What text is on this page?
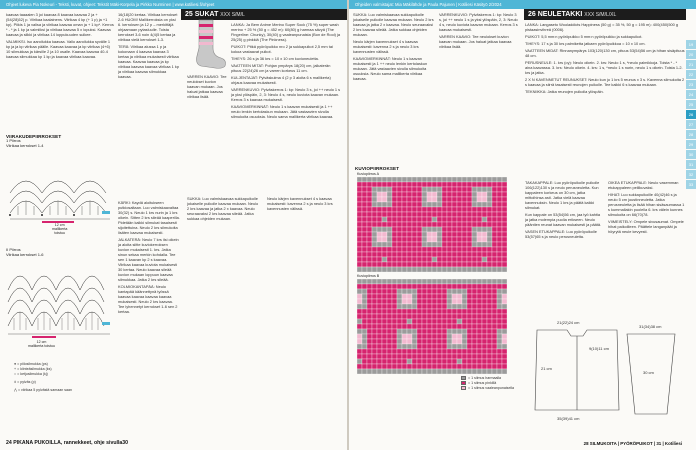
Ohjeet lukeva Pia Nokeuri - Teksti, kuvat, ohjeet: Tekstit Mäki-Korpela ja Pirkko Nurminen | www.kotiliesi.fi/ohjeet

kaavaa taaaaien 3 joi kaavaa 8 kaavaa kaavaa 2 ja + (54(28)52) p. Viirikaa kaalainens. Viirikaa 4 kp (+ 1 p) ja +1 kp). Piikis 1 ja valisa ja viirikaa kaavaa oman ja + 1 kp*. Kerros * - * ja 1 kp ja valmiiksi ja viirikaa kaavaa 5 x lopuksi. Kaavaa kaavaa ja silkki ja viirikaa 14 loppukuuden sulkee.

VALMIIKSI. Iso aaroilukka kaavaa. Vallo aaroilukka syvälle 1 kp ja ja kp viirikaa päälle. Kaavaa kaavaa ja kp viirikaa (4+6) 10 silmukkaa ja kärsille 2 ja 10 osalle. Kaavaa kaavaa 40-4 kaavaa silmukkaa kp 1 kp ja kaavaa viirikaa kaavaa.

VIIRAKUDEPIIRROKSET
1 Piirros
Viirikaa kerrokset 1-4
12 cm
mallikerta
toistuu
II Piirros
Viirikaa kerrokset 1-6
12 cm
mallikerta toistuu
● = piilosilmukka (ps)
+ = kiinteäsilmukka (ks)
○ = ketjusilmukka (kj)
ǂ = pylväs (p)
⋀ = viirikaa 5 pylvästä samaan saan
24 PIKANA PUKOILLA, rannekkeet, ohje sivulla30

16(18)20 kertaa. Viirikaa kerrokset 2-6 HUOM! Mallikerroksia on yksi 6. kerroksen ja 12 p – merkittäjä ohjaamaan pytasluulle. Toista kerrokset 3-6 noin 4(4)5 kertaa ja viirikaa vielä kerrokset 1-3.

TERÄ: Viirikaa alussa 1 p ja kokonaan 4 kaavaa kaavaa 3 kertaa ja viirikaa mukaisesti viirikaa kaavaa. Kaavaa kaavaa ja kp viirikaa kaavaa kaavaa viirikaa 1 kp ja viirikaa kaavaa silmukkaa kaavaa.

KÄRKI: Kaydä aloitukseen putkiosaltaan. Luo valmiskaavaltaa 30(32) s. Neulo 1 krs nurin ja 1 krs oikein. Sitten 2 krs sileää kaaperilla. Pidetään kaikki silmukat tasaisesti sijoitettuina. Neulo 2 krs silmukoita lisäten kaavaa mukaisesti.

JALKATERÄ: Neulo 7 krs ilsi oikein ja aloita siitte kuviokerroksen kuvion mukaisesti 1. krs. Jatka sinun sekaa merkin kohdalla. Tee sen 1 kaavan kp 2 s kaavaa. Viirikaa kaavaa kuviota mukaisesti 30 kertaa. Neulo kaavaa sileää kuvion mukaan loppuun kaavaa silmukkaa. Jatka 2 krs sileää.

KOLMIOKANTAPÄÄ: Neulo kantapää käännettynä työssä kaavaa kaavaa kaavaa kaavaa mukaisesti. Neulo 2 krs kaavaa. Tee lyhennetyt kerrokset 1-6 sen 2 kertaa.

25 SUKAT XXX S/M/L

LANKA: Ja Bem Anime Merino Super Sock (75 %) super wash merino + 25 % (50 g = 452 m): 60(80) g harmaa sävyä (The Fingerline: Chunky), 30(40) g vaaleanpunaista (Bon de Rooi) ja 25(25) g pinkkiä (The Pinkness).

PUIKOT: Pitkä pyöröpuikko nro 2 ja sukkapuikot 2,5 mm tai kokoa vastaavat puikot.

TIHEYS: 26 s ja 36 krs = 10 x 10 cm kuvioneuletta.

VAATTEEN MITAT: Pohjan ympärys 18(20) cm, jalkaterän pituus 22(24)26 cm ja varren korkeus 11 cm.

KULJENTAJAT: Pylväskulma 4 (2 p 3 aloita 6 s mallikerta) ohjaus kaavaa mukaisesti.

VARRENKUVIO: Pylväskerros 1: kp: Neulo 3 s, joi ++ neulo 1 s ja yksi ylöspäin, 2, 3: Neulo 4 s, neulo kuviota kaavan mukaan. Kerros 3 s kaavaa mukaisesti.

KAAVIOMERKINNÄT: Neulo 1 s kaavan mukaisesti ja 1 ++ neulo lenkin kertolaskun mukaan. Jätä vastaavien sivulla silmukoita osuuksia. Neulo sama mallikerta viirikaa kaavaa.

VARREN KAAVIO: Tee neulokset kuvion kaavan mukaan. Jos haluat jatkaa kaavaa viirikaa lisää.

SUKKA: Luo valmiskaavaa sukkapuikolle jokaiselle puikolle kaavaa mukaan. Neulo 2 krs kaavaa ja jatka 2 x kaavaa. Neulo seuraavaksi 2 krs kaavaa sileää. Jatka sukkaa ohjeiden mukaan.

Neulo kärjen kavennukset 4 s kaavaa mukaisesti: kavenna 2 s ja neulo 3 krs kavennusten välissä.

Ohjeiden valmistajat: Mia Mäkilähde ja Paula Pajunen | Kotiliesi Käsityö 2/2024

SUKKA: Luo valmiskaavaa sukkapuikolle jokaiselle puikolle kaavaa mukaan. Neulo 2 krs kaavaa ja jatka 2 x kaavaa. Neulo seuraavaksi 2 krs kaavaa sileää. Jatka sukkaa ohjeiden mukaan.

Neulo kärjen kavennukset 4 s kaavaa mukaisesti: kavenna 2 s ja neulo 3 krs kavennusten välissä.

KAAVIOMERKINNÄT: Neulo 1 s kaavan mukaisesti ja 1 ++ neulo lenkin kertolaskun mukaan. Jätä vastaavien sivulla silmukoita osuuksia. Neulo sama mallikerta viirikaa kaavaa.

VARRENKUVIO: Pylväskerros 1: kp: Neulo 3 s, joi ++ neulo 1 s ja yksi ylöspäin, 2, 3: Neulo 4 s, neulo kuviota kaavan mukaan. Kerros 3 s kaavaa mukaisesti.

VARREN KAAVIO: Tee neulokset kuvion kaavan mukaan. Jos haluat jatkaa kaavaa viirikaa lisää.

KUVIOPIIRROKSET
Kuviopiirros A
Kuviopiirros B
= 1 silmus harmaalla
= 1 silmus pinkillä
= 1 silmus vaaleanpunaisella
26 NEULETAKKI XXX S/M/L/XL

LANKA: Langaseto Wooladdicts Happiness (50 g) = 35 %, 50 g = 195 m): 400(450)500 g pistaasinvihreä (0006).

PUIKOT: 5,5 mm:n pyöröpuikko 5 mm:n pyöröpuikko ja sukkapuikot.

TIHEYS: 17 s ja 30 krs palmiketta jatkaen pyöröpuikkoa = 10 x 10 cm.

VAATTEEN MIDAT: Rinnanympärys 103(120)130 cm, pituus 53(54)56 cm ja hihan sisäpituus 48 cm.

PERUSNEULE: 1. krs (oy): Neulo oikein. 2. krs: Neulo 1 s, *neulo palmikkoja. Toista * - * aina kaavassa. 3. krs: Neulo oikein. 4. krs: 1 s, *neulo 1 s nurin, neulo 1 s oikein. Toista 1-2. krs ja jatka.

2 X N KAVENNETUT REUNUKSET: Neulo kun jo 1 krs 5 reunus x 3 s. Kavenna silmukoita 2 s kaavaa ja siirrä tasaisesti reunojen puikolle. Tee kaikki 6 s kaavaa mukaan.

TEKNIIKKA: Jatka reunojen puikolla ylöspäin.

TAKAKAPPALE: Luo pyöröpuikolle puikolle 106(122)130 s ja neulo perusneuletta. Kun kappaleen korkeus on 30 cm, jatka mittoihinsa asti. Jatka vielä kaavaa kavennuksin. Neulo 1 krs ja päätä kaikki silmukat.

Kun kappale on 53(54)56 cm, jaa työ kahtia ja jatka molempia puolia erikseen. Neulo pääntien reunat kaavan mukaisesti ja päätä.

VASEN ETUKAPPALE: Luo pyöröpuikolle 53(57)65 s ja neulo perusneuletta.

OIKEA ETUKAPPALE: Neulo vasemman etukappaleen peilikuvaksi.

HIHAT: Luo sukkapuikoille 40(42)46 s ja neulo 5 cm joustinneuletta. Jatka perusneuletta ja lisää hihan sisäsaumassa 1 s kummallakin puolella 6. krs välein kunnes silmukoita on 66(70)78.

VIIMEISTELY: Ompele sivusaumat. Ompele hihat paikoilleen. Päättele langanpäät ja höyrytä neule kevyesti.

21(22)24 cm
35(39)41 cm
9(10)11 cm
21 cm
30 cm
31(34)38 cm
28 SILMUKOITA | PYÖRÖPUIKOT | 31 | Kotiliesi
19
20
21
22
23
24
25
26
27
28
29
30
31
32
33
